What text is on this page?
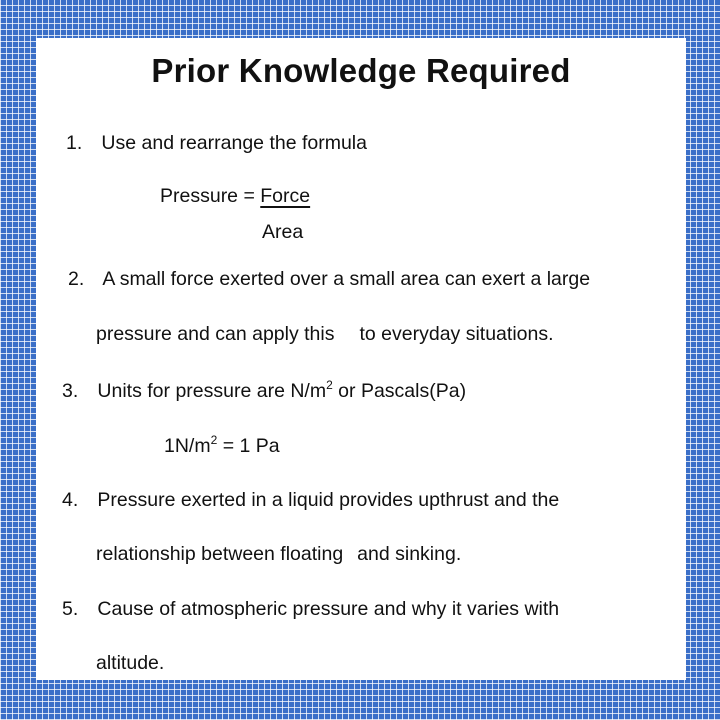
Prior Knowledge Required
1. Use and rearrange the formula
Pressure = Force
Area
2. A small force exerted over a small area can exert a large
pressure and can apply this to everyday situations.
3. Units for pressure are $N/m^2$ or Pascals(Pa)
$1N/m^2 = 1$ Pa
4. Pressure exerted in a liquid provides upthrust and the
relationship between floating and sinking.
5. Cause of atmospheric pressure and why it varies with
altitude.
